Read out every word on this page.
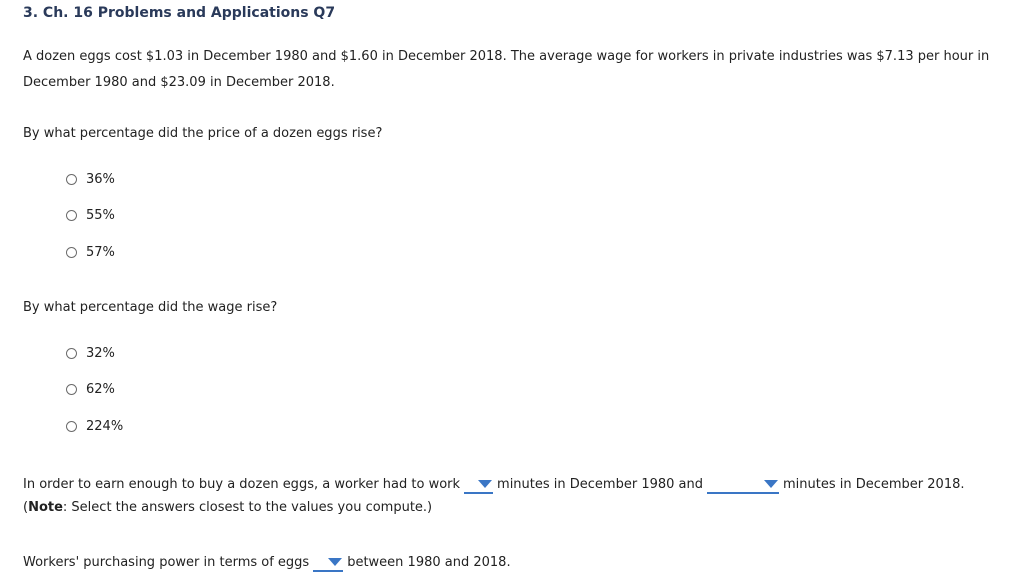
3. Ch. 16 Problems and Applications Q7

A dozen eggs cost $1.03 in December 1980 and $1.60 in December 2018. The average wage for workers in private industries was $7.13 per hour in December 1980 and $23.09 in December 2018.

By what percentage did the price of a dozen eggs rise?
36%
55%
57%
By what percentage did the wage rise?
32%
62%
224%
In order to earn enough to buy a dozen eggs, a worker had to work	minutes in December 1980 and	minutes in December 2018.
(Note: Select the answers closest to the values you compute.)
Workers' purchasing power in terms of eggs	between 1980 and 2018.
